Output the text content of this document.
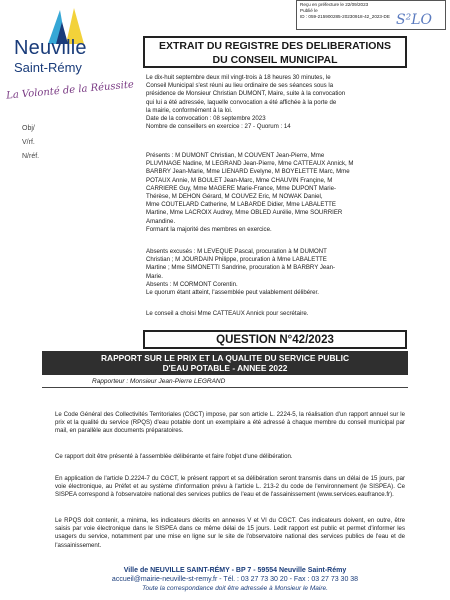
Reçu en préfecture le 22/09/2023
Publié le
ID : 059-215900285-20230918-42_2023-DE S²LO
Neuville
Saint-Rémy
La Volonté de la Réussite
EXTRAIT DU REGISTRE DES DELIBERATIONS
DU CONSEIL MUNICIPAL
Obj/
V/rf.
N/réf.
Le dix-huit septembre deux mil vingt-trois à 18 heures 30 minutes, le
Conseil Municipal s'est réuni au lieu ordinaire de ses séances sous la
présidence de Monsieur Christian DUMONT, Maire, suite à la convocation
qui lui a été adressée, laquelle convocation a été affichée à la porte de
la mairie, conformément à la loi.
Date de la convocation : 08 septembre 2023
Nombre de conseillers en exercice : 27 - Quorum : 14
Présents : M DUMONT Christian, M COUVENT Jean-Pierre, Mme
PLUVINAGE Nadine, M LEGRAND Jean-Pierre, Mme CATTEAUX Annick, M
BARBRY Jean-Marie, Mme LIENARD Evelyne, M BOYELETTE Marc, Mme
POTAUX Annie, M BOULET Jean-Marc, Mme CHAUVIN Françine, M
CARRIERE Guy, Mme MAGERE Marie-France, Mme DUPONT Marie-
Thérèse, M DEHON Gérard, M COUVEZ Eric, M NOWAK Daniel,
Mme COUTELARD Catherine, M LABARDE Didier, Mme LABALETTE
Martine, Mme LACROIX Audrey, Mme OBLED Aurélie, Mme SOURRIER
Amandine.
Formant la majorité des membres en exercice.
Absents excusés : M LEVEQUE Pascal, procuration à M DUMONT
Christian ; M JOURDAIN Philippe, procuration à Mme LABALETTE
Martine ; Mme SIMONETTI Sandrine, procuration à M BARBRY Jean-
Marie.
Absents : M CORMONT Corentin.
Le quorum étant atteint, l'assemblée peut valablement délibérer.
Le conseil a choisi Mme CATTEAUX Annick pour secrétaire.
QUESTION N°42/2023
RAPPORT SUR LE PRIX ET LA QUALITE DU SERVICE PUBLIC
D'EAU POTABLE - ANNEE 2022
Rapporteur : Monsieur Jean-Pierre LEGRAND
Le Code Général des Collectivités Territoriales (CGCT) impose, par son article L. 2224-5, la réalisation d'un rapport annuel sur le prix et la qualité du service (RPQS) d'eau potable dont un exemplaire a été adressé à chaque membre du conseil municipal par mail, en parallèle aux documents préparatoires.
Ce rapport doit être présenté à l'assemblée délibérante et faire l'objet d'une délibération.
En application de l'article D.2224-7 du CGCT, le présent rapport et sa délibération seront transmis dans un délai de 15 jours, par voie électronique, au Préfet et au système d'information prévu à l'article L. 213-2 du code de l'environnement (le SISPEA). Ce SISPEA correspond à l'observatoire national des services publics de l'eau et de l'assainissement (www.services.eaufrance.fr).
Le RPQS doit contenir, a minima, les indicateurs décrits en annexes V et VI du CGCT. Ces indicateurs doivent, en outre, être saisis par voie électronique dans le SISPEA dans ce même délai de 15 jours. Ledit rapport est public et permet d'informer les usagers du service, notamment par une mise en ligne sur le site de l'observatoire national des services publics de l'eau et de l'assainissement.
Ville de NEUVILLE SAINT-RÉMY - BP 7 - 59554 Neuville Saint-Rémy
accueil@mairie-neuville-st-remy.fr - Tél. : 03 27 73 30 20 - Fax : 03 27 73 30 38
Toute la correspondance doit être adressée à Monsieur le Maire.
